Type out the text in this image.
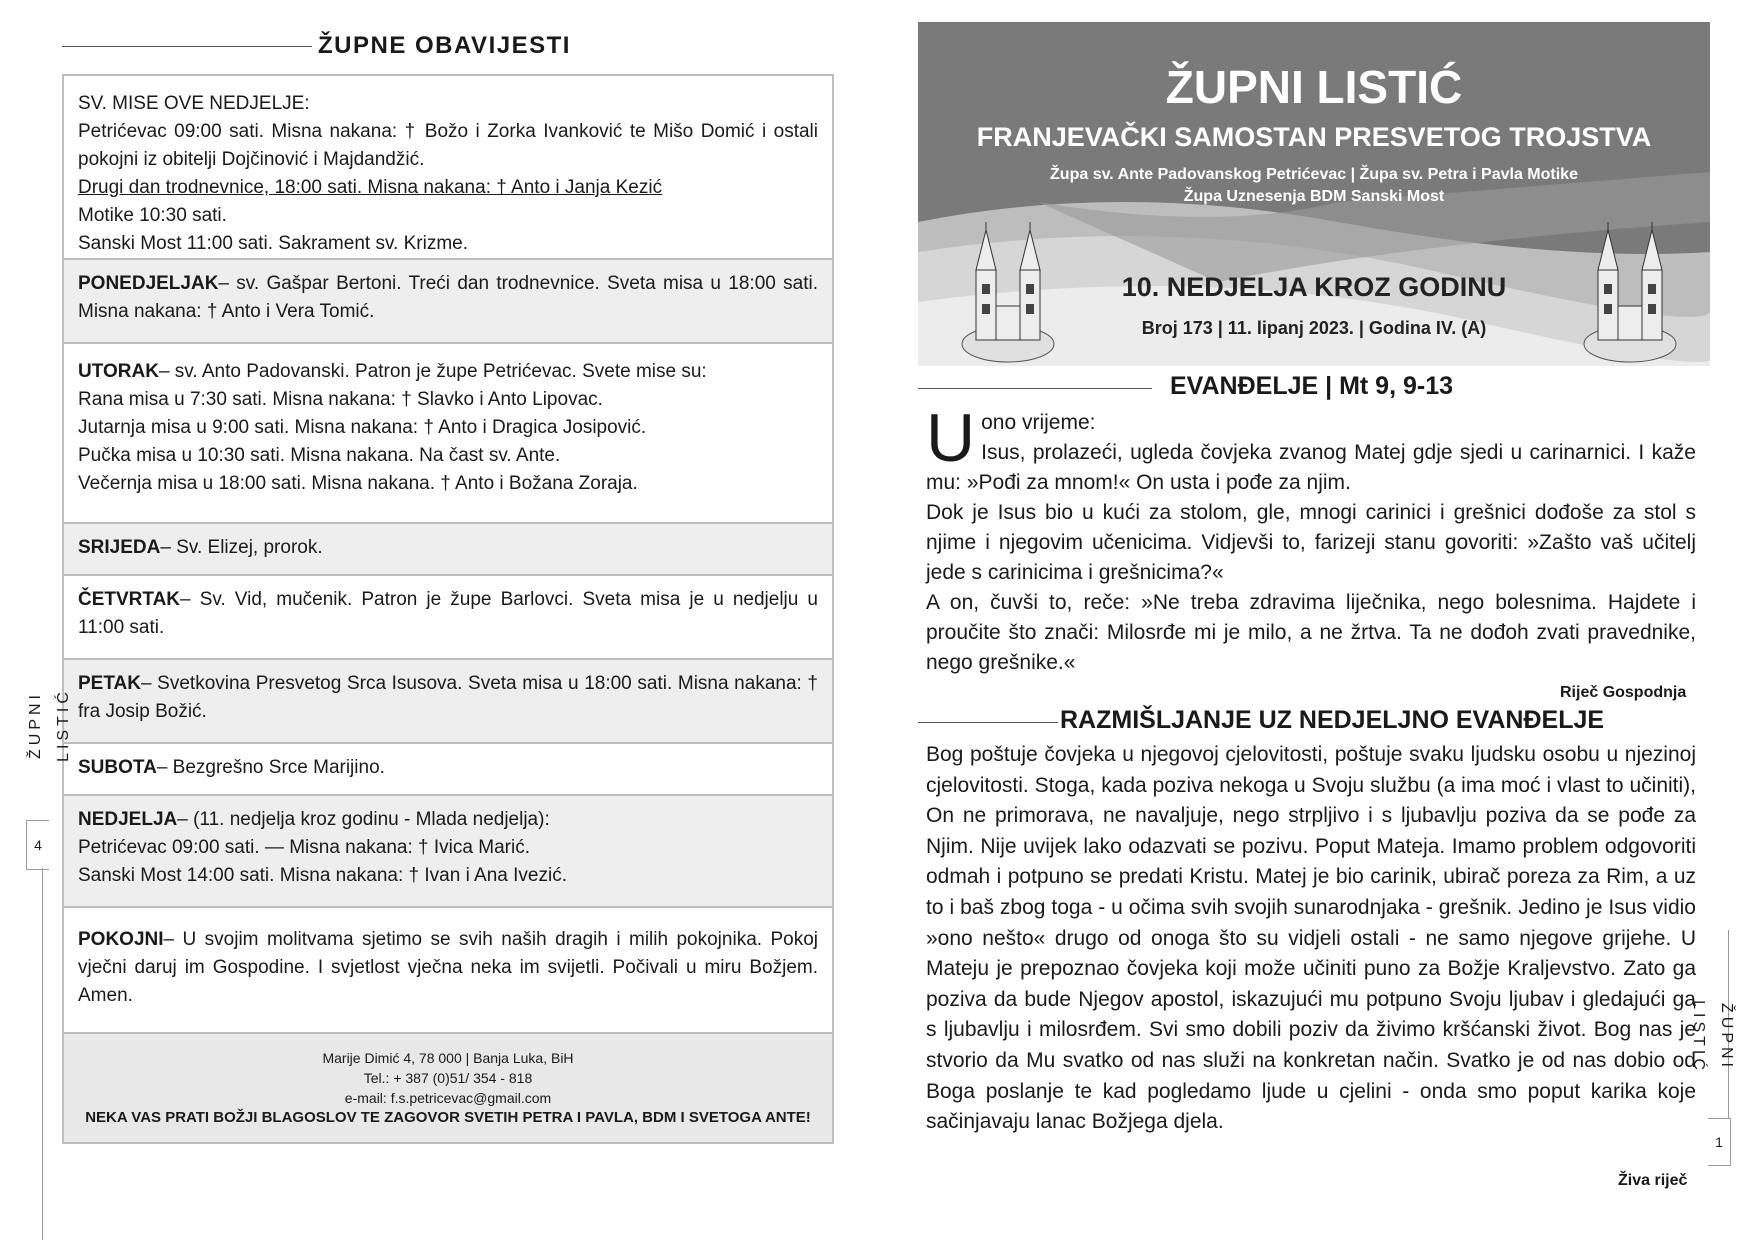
ŽUPNE OBAVIJESTI
SV. MISE OVE NEDJELJE:
Petrićevac 09:00 sati. Misna nakana: † Božo i Zorka Ivanković te Mišo Domić i ostali pokojni iz obitelji Dojčinović i Majdandžić.
Drugi dan trodnevnice, 18:00 sati. Misna nakana: † Anto i Janja Kezić
Motike 10:30 sati.
Sanski Most 11:00 sati. Sakrament sv. Krizme.
PONEDJELJAK– sv. Gašpar Bertoni. Treći dan trodnevnice. Sveta misa u 18:00 sati. Misna nakana: † Anto i Vera Tomić.
UTORAK– sv. Anto Padovanski. Patron je župe Petrićevac. Svete mise su:
Rana misa u 7:30 sati. Misna nakana: † Slavko i Anto Lipovac.
Jutarnja misa u 9:00 sati. Misna nakana: † Anto i Dragica Josipović.
Pučka misa u 10:30 sati. Misna nakana. Na čast sv. Ante.
Večernja misa u 18:00 sati. Misna nakana. † Anto i Božana Zoraja.
SRIJEDA– Sv. Elizej, prorok.
ČETVRTAK– Sv. Vid, mučenik. Patron je župe Barlovci. Sveta misa je u nedjelju u 11:00 sati.
PETAK– Svetkovina Presvetog Srca Isusova. Sveta misa u 18:00 sati. Misna nakana: † fra Josip Božić.
SUBOTA– Bezgrešno Srce Marijino.
NEDJELJA– (11. nedjelja kroz godinu - Mlada nedjelja):
Petrićevac 09:00 sati. — Misna nakana: † Ivica Marić.
Sanski Most 14:00 sati. Misna nakana: † Ivan i Ana Ivezić.
POKOJNI– U svojim molitvama sjetimo se svih naših dragih i milih pokojnika. Pokoj vječni daruj im Gospodine. I svjetlost vječna neka im svijetli. Počivali u miru Božjem. Amen.
Marije Dimić 4, 78 000 | Banja Luka, BiH
Tel.: + 387 (0)51/ 354 - 818
e-mail: f.s.petricevac@gmail.com
NEKA VAS PRATI BOŽJI BLAGOSLOV TE ZAGOVOR SVETIH PETRA I PAVLA, BDM I SVETOGA ANTE!
ŽUPNI LISTIĆ
4
ŽUPNI LISTIĆ
FRANJEVAČKI SAMOSTAN PRESVETOG TROJSTVA
Župa sv. Ante Padovanskog Petrićevac | Župa sv. Petra i Pavla Motike
Župa Uznesenja BDM Sanski Most
10. NEDJELJA KROZ GODINU
Broj 173 | 11. lipanj 2023. | Godina IV. (A)
EVANĐELJE | Mt 9, 9-13
U ono vrijeme:
Isus, prolazeći, ugleda čovjeka zvanog Matej gdje sjedi u carinarnici. I kaže mu: »Pođi za mnom!« On usta i pođe za njim.
Dok je Isus bio u kući za stolom, gle, mnogi carinici i grešnici dođoše za stol s njime i njegovim učenicima. Vidjevši to, farizeji stanu govoriti: »Zašto vaš učitelj jede s carinicima i grešnicima?«
A on, čuvši to, reče: »Ne treba zdravima liječnika, nego bolesnima. Hajdete i proučite što znači: Milosrđe mi je milo, a ne žrtva. Ta ne dođoh zvati pravednike, nego grešnike.«
Riječ Gospodnja
RAZMIŠLJANJE UZ NEDJELJNO EVANĐELJE
Bog poštuje čovjeka u njegovoj cjelovitosti, poštuje svaku ljudsku osobu u njezinoj cjelovitosti. Stoga, kada poziva nekoga u Svoju službu (a ima moć i vlast to učiniti), On ne primorava, ne navaljuje, nego strpljivo i s ljubavlju poziva da se pođe za Njim. Nije uvijek lako odazvati se pozivu. Poput Mateja. Imamo problem odgovoriti odmah i potpuno se predati Kristu. Matej je bio carinik, ubirač poreza za Rim, a uz to i baš zbog toga - u očima svih svojih sunarodnjaka - grešnik. Jedino je Isus vidio »ono nešto« drugo od onoga što su vidjeli ostali - ne samo njegove grijehe. U Mateju je prepoznao čovjeka koji može učiniti puno za Božje Kraljevstvo. Zato ga poziva da bude Njegov apostol, iskazujući mu potpuno Svoju ljubav i gledajući ga s ljubavlju i milosrđem. Svi smo dobili poziv da živimo kršćanski život. Bog nas je stvorio da Mu svatko od nas služi na konkretan način. Svatko je od nas dobio od Boga poslanje te kad pogledamo ljude u cjelini - onda smo poput karika koje sačinjavaju lanac Božjega djela.
Živa riječ
ŽUPNI LISTIĆ
1
